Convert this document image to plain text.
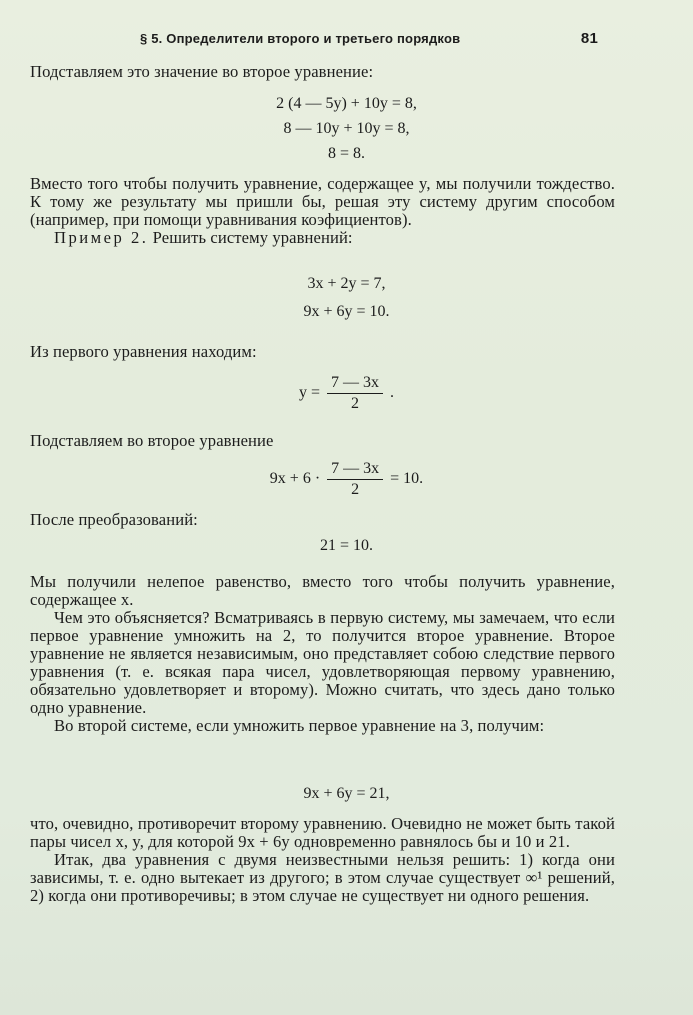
§ 5. Определители второго и третьего порядков	81

Подставляем это значение во второе уравнение:

2 (4 — 5y) + 10y = 8,
8 — 10y + 10y = 8,
8 = 8.

Вместо того чтобы получить уравнение, содержащее y, мы получили тождество. К тому же результату мы пришли бы, решая эту систему другим способом (например, при помощи уравнивания коэфициентов).

Пример 2. Решить систему уравнений:

3x + 2y = 7,
9x + 6y = 10.

Из первого уравнения находим:

$y = \frac{7 — 3x}{2}$ .

Подставляем во второе уравнение

$9x + 6 \cdot \frac{7 — 3x}{2} = 10$.

После преобразований:

21 = 10.

Мы получили нелепое равенство, вместо того чтобы получить уравнение, содержащее x.

Чем это объясняется? Всматриваясь в первую систему, мы замечаем, что если первое уравнение умножить на 2, то получится второе уравнение. Второе уравнение не является независимым, оно представляет собою следствие первого уравнения (т. е. всякая пара чисел, удовлетворяющая первому уравнению, обязательно удовлетворяет и второму). Можно считать, что здесь дано только одно уравнение.

Во второй системе, если умножить первое уравнение на 3, получим:

9x + 6y = 21,

что, очевидно, противоречит второму уравнению. Очевидно не может быть такой пары чисел x, y, для которой 9x + 6y одновременно равнялось бы и 10 и 21.

Итак, два уравнения с двумя неизвестными нельзя решить: 1) когда они зависимы, т. е. одно вытекает из другого; в этом случае существует ∞¹ решений, 2) когда они противоречивы; в этом случае не существует ни одного решения.
